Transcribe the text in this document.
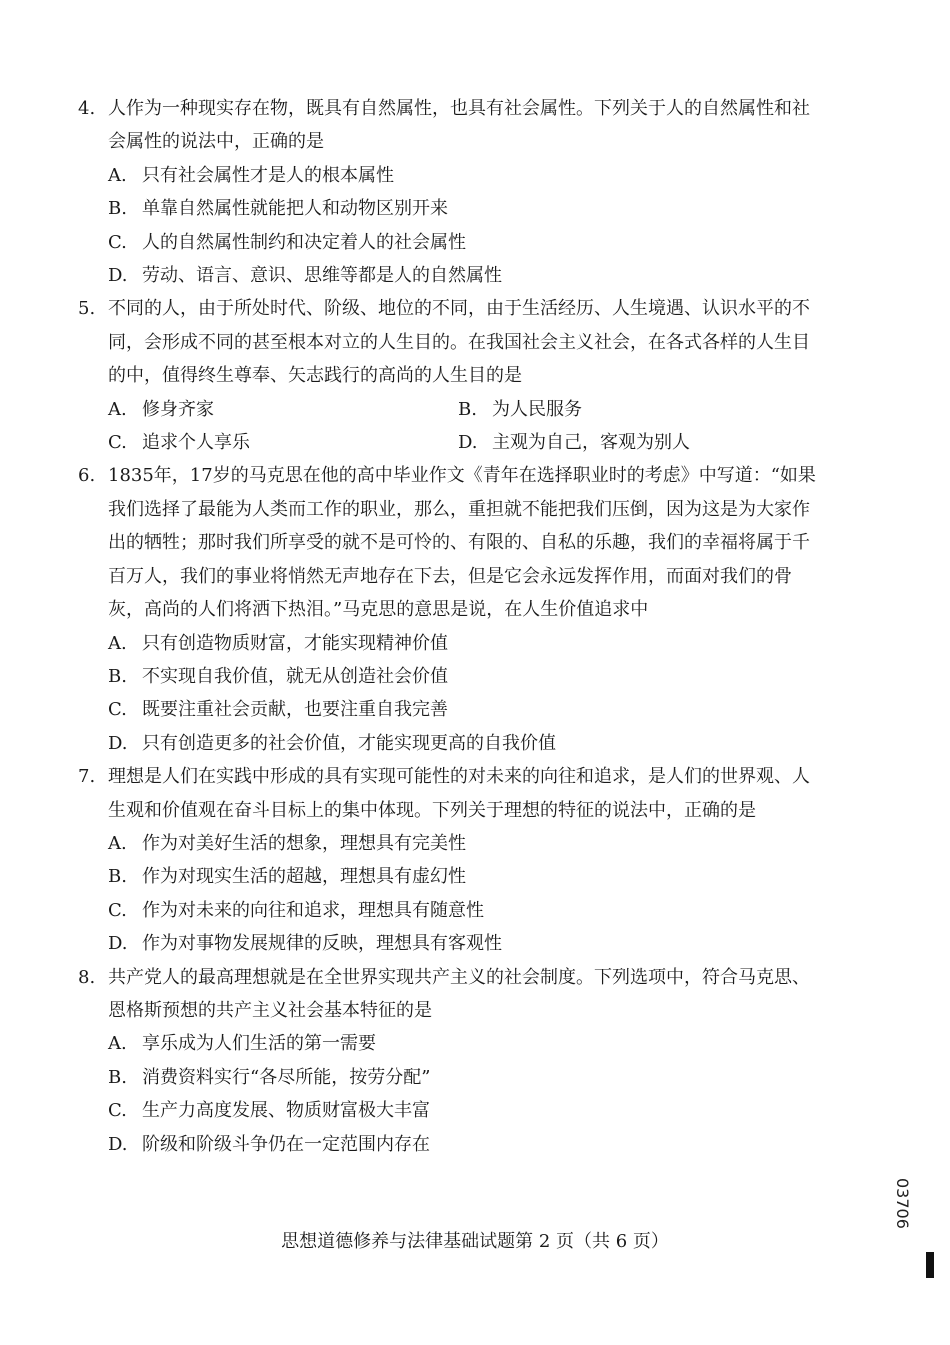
4. 人作为一种现实存在物，既具有自然属性，也具有社会属性。下列关于人的自然属性和社会属性的说法中，正确的是
A. 只有社会属性才是人的根本属性
B. 单靠自然属性就能把人和动物区别开来
C. 人的自然属性制约和决定着人的社会属性
D. 劳动、语言、意识、思维等都是人的自然属性
5. 不同的人，由于所处时代、阶级、地位的不同，由于生活经历、人生境遇、认识水平的不同，会形成不同的甚至根本对立的人生目的。在我国社会主义社会，在各式各样的人生目的中，值得终生尊奉、矢志践行的高尚的人生目的是
A. 修身齐家	B. 为人民服务
C. 追求个人享乐	D. 主观为自己，客观为别人
6. 1835年，17岁的马克思在他的高中毕业作文《青年在选择职业时的考虑》中写道：“如果我们选择了最能为人类而工作的职业，那么，重担就不能把我们压倒，因为这是为大家作出的牺牲；那时我们所享受的就不是可怜的、有限的、自私的乐趣，我们的幸福将属于千百万人，我们的事业将悄然无声地存在下去，但是它会永远发挥作用，而面对我们的骨灰，高尚的人们将洒下热泪。”马克思的意思是说，在人生价值追求中
A. 只有创造物质财富，才能实现精神价值
B. 不实现自我价值，就无从创造社会价值
C. 既要注重社会贡献，也要注重自我完善
D. 只有创造更多的社会价值，才能实现更高的自我价值
7. 理想是人们在实践中形成的具有实现可能性的对未来的向往和追求，是人们的世界观、人生观和价值观在奋斗目标上的集中体现。下列关于理想的特征的说法中，正确的是
A. 作为对美好生活的想象，理想具有完美性
B. 作为对现实生活的超越，理想具有虚幻性
C. 作为对未来的向往和追求，理想具有随意性
D. 作为对事物发展规律的反映，理想具有客观性
8. 共产党人的最高理想就是在全世界实现共产主义的社会制度。下列选项中，符合马克思、恩格斯预想的共产主义社会基本特征的是
A. 享乐成为人们生活的第一需要
B. 消费资料实行“各尽所能，按劳分配”
C. 生产力高度发展、物质财富极大丰富
D. 阶级和阶级斗争仍在一定范围内存在
思想道德修养与法律基础试题第 2 页（共 6 页）
03706
